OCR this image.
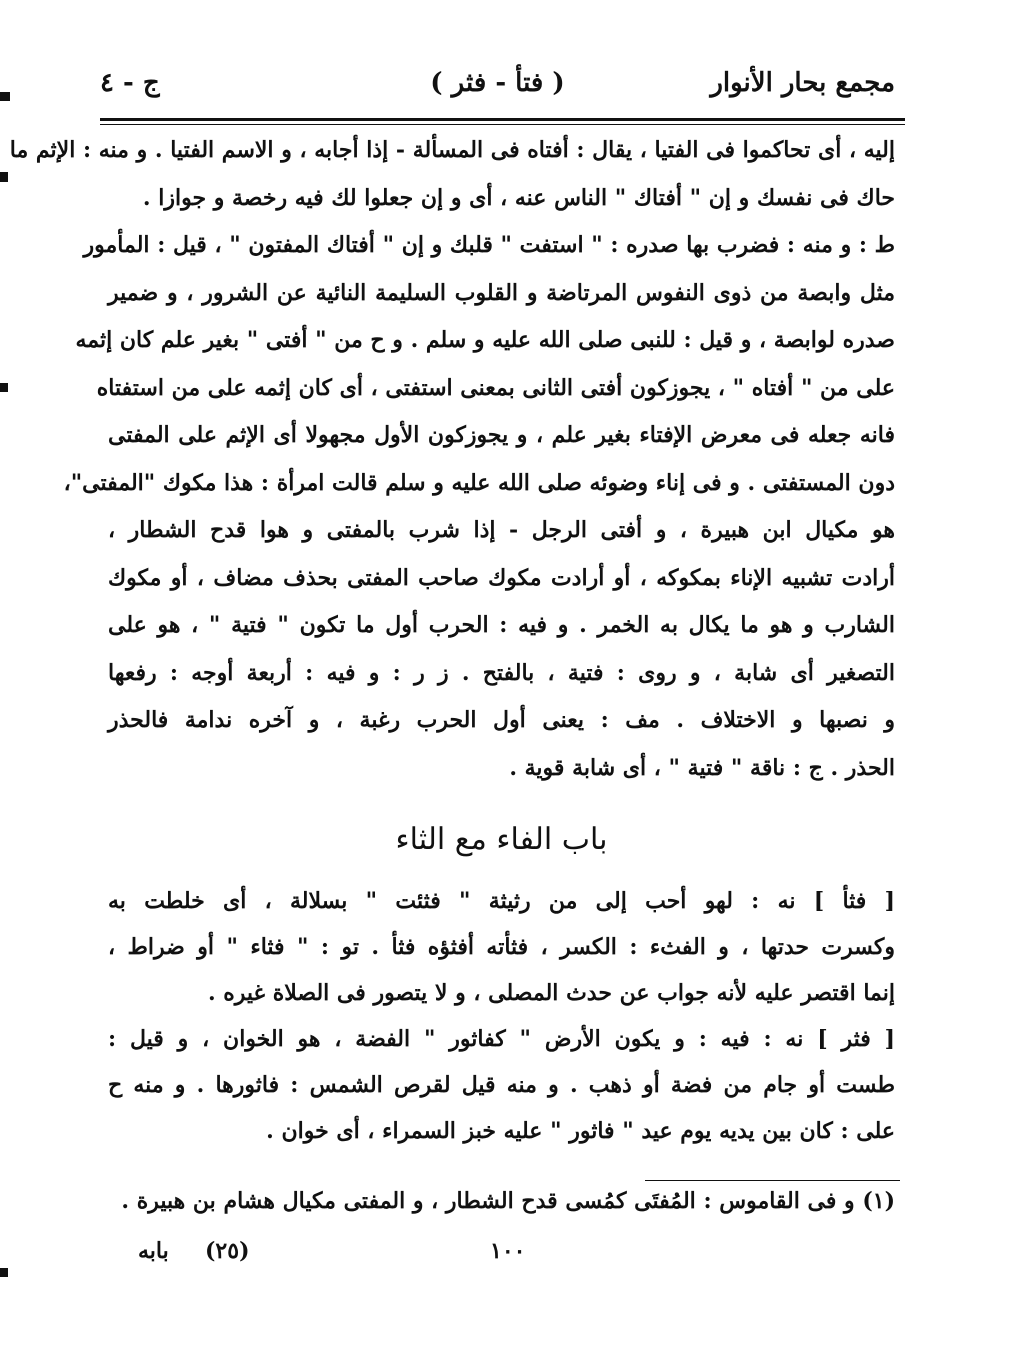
مجمع بحار الأنوار
( فتأ - فثر )
ج - ٤
إليه ، أى تحاكموا فى الفتيا ، يقال : أفتاه فى المسألة - إذا أجابه ، و الاسم الفتيا . و منه : الإثم ما
حاك فى نفسك و إن " أفتاك " الناس عنه ، أى و إن جعلوا لك فيه رخصة و جوازا .
ط : و منه : فضرب بها صدره : " استفت " قلبك و إن " أفتاك المفتون " ، قيل : المأمور
مثل وابصة من ذوى النفوس المرتاضة و القلوب السليمة النائية عن الشرور ، و ضمير
صدره لوابصة ، و قيل : للنبى صلى الله عليه و سلم . و ح من " أفتى " بغير علم كان إثمه
على من " أفتاه " ، يجوزكون أفتى الثانى بمعنى استفتى ، أى كان إثمه على من استفتاه
فانه جعله فى معرض الإفتاء بغير علم ، و يجوزكون الأول مجهولا أى الإثم على المفتى
دون المستفتى . و فى إناء وضوئه صلى الله عليه و سلم قالت امرأة : هذا مكوك "المفتى"،
هو مكيال ابن هبيرة ، و أفتى الرجل - إذا شرب بالمفتى و هوا قدح الشطار ،
أرادت تشبيه الإناء بمكوكه ، أو أرادت مكوك صاحب المفتى بحذف مضاف ، أو مكوك
الشارب و هو ما يكال به الخمر . و فيه : الحرب أول ما تكون " فتية " ، هو على
التصغير أى شابة ، و روى : فتية ، بالفتح . ز ر : و فيه : أربعة أوجه : رفعها
و نصبها و الاختلاف . مف : يعنى أول الحرب رغبة ، و آخره ندامة فالحذر
الحذر . ج : ناقة " فتية " ، أى شابة قوية .
باب الفاء مع الثاء
[ فثأ ] نه : لهو أحب إلى من رثيثة " فثئت " بسلالة ، أى خلطت به
وكسرت حدتها ، و الفثء : الكسر ، فثأته أفثؤه فثأ . تو : " فثاء " أو ضراط ،
إنما اقتصر عليه لأنه جواب عن حدث المصلى ، و لا يتصور فى الصلاة غيره .
[ فثر ] نه : فيه : و يكون الأرض " كفاثور " الفضة ، هو الخوان ، و قيل :
طست أو جام من فضة أو ذهب . و منه قيل لقرص الشمس : فاثورها . و منه ح
على : كان بين يديه يوم عيد " فاثور " عليه خبز السمراء ، أى خوان .
(١) و فى القاموس : المُفتَى كمُسى قدح الشطار ، و المفتى مكيال هشام بن هبيرة .
١٠٠
(٢٥)
بابه
